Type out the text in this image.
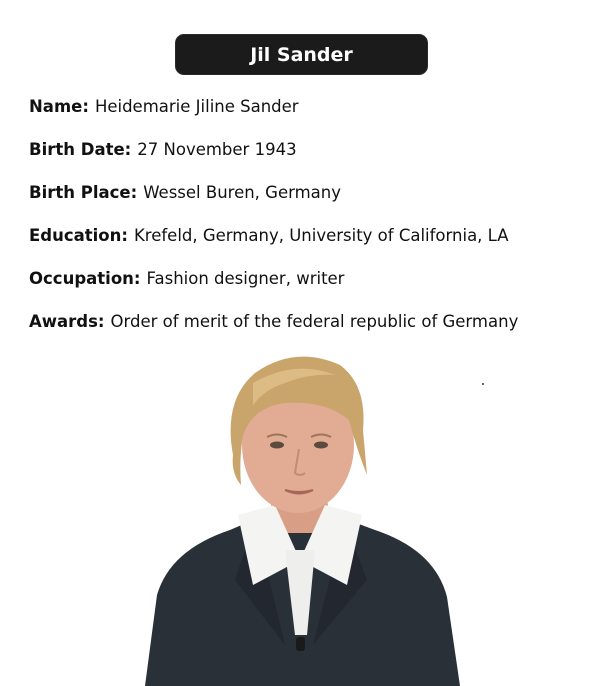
Jil Sander
Name: Heidemarie Jiline Sander
Birth Date: 27 November 1943
Birth Place: Wessel Buren, Germany
Education: Krefeld, Germany, University of California, LA
Occupation: Fashion designer, writer
Awards: Order of merit of the federal republic of Germany
